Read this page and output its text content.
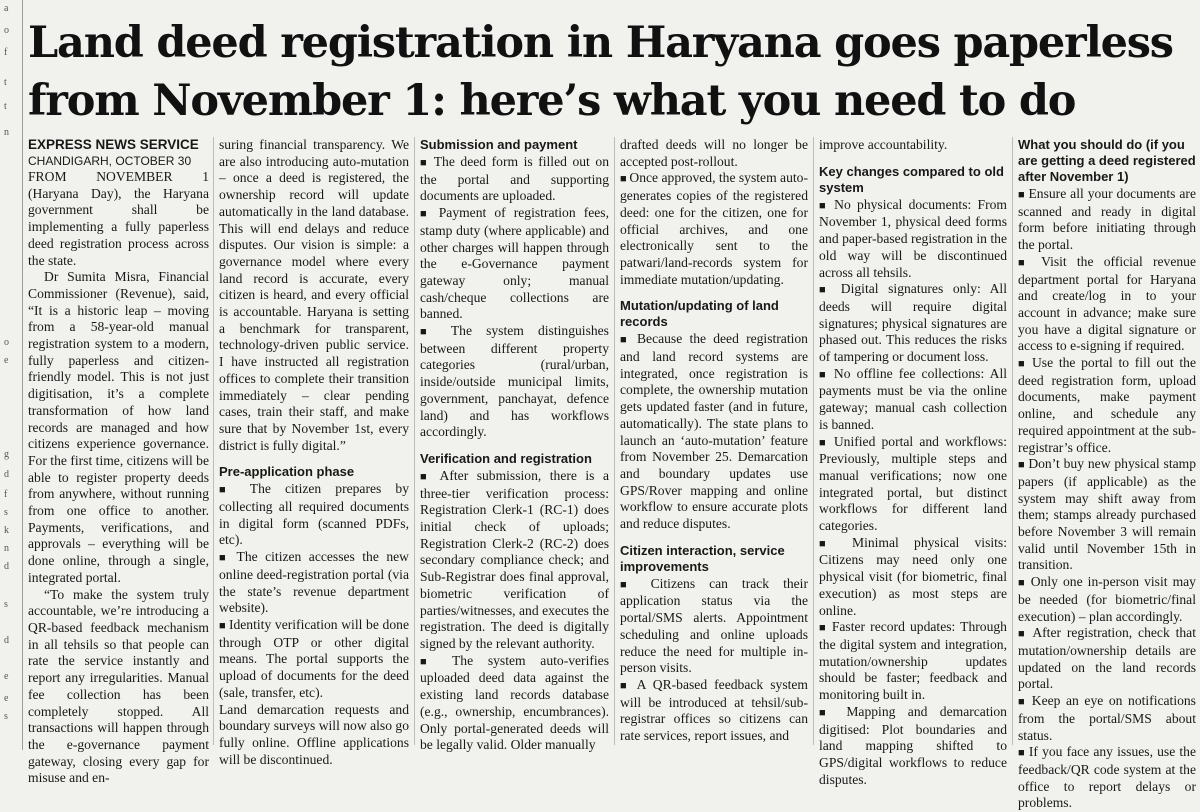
a
o
f
t
t
n
o
e
g
d
f
s
k
n
d
s
d
e
e
s
Land deed registration in Haryana goes paperless
from November 1: here’s what you need to do

EXPRESS NEWS SERVICE

CHANDIGARH, OCTOBER 30

FROM NOVEMBER 1 (Haryana Day), the Haryana government shall be implementing a fully paperless deed registration process across the state.

Dr Sumita Misra, Financial Commissioner (Revenue), said, “It is a historic leap – moving from a 58-year-old manual registration system to a modern, fully paperless and citizen-friendly model. This is not just digitisation, it’s a complete transformation of how land records are managed and how citizens experience governance. For the first time, citizens will be able to register property deeds from anywhere, without running from one office to another. Payments, verifications, and approvals – everything will be done online, through a single, integrated portal.

“To make the system truly accountable, we’re introducing a QR-based feedback mechanism in all tehsils so that people can rate the service instantly and report any irregularities. Manual fee collection has been completely stopped. All transactions will happen through the e-governance payment gateway, closing every gap for misuse and en-

suring financial transparency. We are also introducing auto-mutation – once a deed is registered, the ownership record will update automatically in the land database. This will end delays and reduce disputes. Our vision is simple: a governance model where every land record is accurate, every citizen is heard, and every official is accountable. Haryana is setting a benchmark for transparent, technology-driven public service. I have instructed all registration offices to complete their transition immediately – clear pending cases, train their staff, and make sure that by November 1st, every district is fully digital.”

Pre-application phase

■ The citizen prepares by collecting all required documents in digital form (scanned PDFs, etc).

■ The citizen accesses the new online deed-registration portal (via the state’s revenue department website).

■ Identity verification will be done through OTP or other digital means. The portal supports the upload of documents for the deed (sale, transfer, etc).

Land demarcation requests and boundary surveys will now also go fully online. Offline applications will be discontinued.

Submission and payment

■ The deed form is filled out on the portal and supporting documents are uploaded.

■ Payment of registration fees, stamp duty (where applicable) and other charges will happen through the e-Governance payment gateway only; manual cash/cheque collections are banned.

■ The system distinguishes between different property categories (rural/urban, inside/outside municipal limits, government, panchayat, defence land) and has workflows accordingly.

Verification and registration

■ After submission, there is a three-tier verification process: Registration Clerk-1 (RC-1) does initial check of uploads; Registration Clerk-2 (RC-2) does secondary compliance check; and Sub-Registrar does final approval, biometric verification of parties/witnesses, and executes the registration. The deed is digitally signed by the relevant authority.

■ The system auto-verifies uploaded deed data against the existing land records database (e.g., ownership, encumbrances). Only portal-generated deeds will be legally valid. Older manually

drafted deeds will no longer be accepted post-rollout.

■ Once approved, the system auto-generates copies of the registered deed: one for the citizen, one for official archives, and one electronically sent to the patwari/land-records system for immediate mutation/updating.

Mutation/updating of land records

■ Because the deed registration and land record systems are integrated, once registration is complete, the ownership mutation gets updated faster (and in future, automatically). The state plans to launch an ‘auto-mutation’ feature from November 25. Demarcation and boundary updates use GPS/Rover mapping and online workflow to ensure accurate plots and reduce disputes.

Citizen interaction, service improvements

■ Citizens can track their application status via the portal/SMS alerts. Appointment scheduling and online uploads reduce the need for multiple in-person visits.

■ A QR-based feedback system will be introduced at tehsil/sub-registrar offices so citizens can rate services, report issues, and

improve accountability.

Key changes compared to old system

■ No physical documents: From November 1, physical deed forms and paper-based registration in the old way will be discontinued across all tehsils.

■ Digital signatures only: All deeds will require digital signatures; physical signatures are phased out. This reduces the risks of tampering or document loss.

■ No offline fee collections: All payments must be via the online gateway; manual cash collection is banned.

■ Unified portal and workflows: Previously, multiple steps and manual verifications; now one integrated portal, but distinct workflows for different land categories.

■ Minimal physical visits: Citizens may need only one physical visit (for biometric, final execution) as most steps are online.

■ Faster record updates: Through the digital system and integration, mutation/ownership updates should be faster; feedback and monitoring built in.

■ Mapping and demarcation digitised: Plot boundaries and land mapping shifted to GPS/digital workflows to reduce disputes.

What you should do (if you are getting a deed registered after November 1)

■ Ensure all your documents are scanned and ready in digital form before initiating through the portal.

■ Visit the official revenue department portal for Haryana and create/log in to your account in advance; make sure you have a digital signature or access to e-signing if required.

■ Use the portal to fill out the deed registration form, upload documents, make payment online, and schedule any required appointment at the sub-registrar’s office.

■ Don’t buy new physical stamp papers (if applicable) as the system may shift away from them; stamps already purchased before November 3 will remain valid until November 15th in transition.

■ Only one in-person visit may be needed (for biometric/final execution) – plan accordingly.

■ After registration, check that mutation/ownership details are updated on the land records portal.

■ Keep an eye on notifications from the portal/SMS about status.

■ If you face any issues, use the feedback/QR code system at the office to report delays or problems.
